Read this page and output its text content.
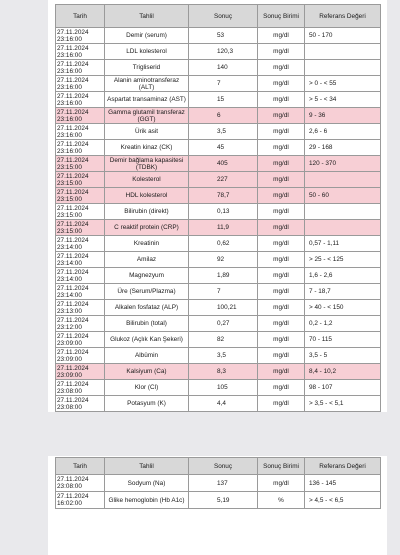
Tarih	Tahlil	Sonuç	Sonuç Birimi	Referans Değeri
27.11.2024 23:16:00	Demir (serum)	53	mg/dl	50 - 170
27.11.2024 23:16:00	LDL kolesterol	120,3	mg/dl	
27.11.2024 23:16:00	Trigliserid	140	mg/dl	
27.11.2024 23:16:00	Alanin aminotransferaz (ALT)	7	mg/dl	> 0 - < 55
27.11.2024 23:16:00	Aspartat transaminaz (AST)	15	mg/dl	> 5 - < 34
27.11.2024 23:16:00	Gamma glutamil transferaz (GGT)	6	mg/dl	9 - 36
27.11.2024 23:16:00	Ürik asit	3,5	mg/dl	2,6 - 6
27.11.2024 23:16:00	Kreatin kinaz (CK)	45	mg/dl	29 - 168
27.11.2024 23:15:00	Demir bağlama kapasitesi (TDBK)	405	mg/dl	120 - 370
27.11.2024 23:15:00	Kolesterol	227	mg/dl	
27.11.2024 23:15:00	HDL kolesterol	78,7	mg/dl	50 - 60
27.11.2024 23:15:00	Bilirubin (direkt)	0,13	mg/dl	
27.11.2024 23:15:00	C reaktif protein (CRP)	11,9	mg/dl	
27.11.2024 23:14:00	Kreatinin	0,62	mg/dl	0,57 - 1,11
27.11.2024 23:14:00	Amilaz	92	mg/dl	> 25 - < 125
27.11.2024 23:14:00	Magnezyum	1,89	mg/dl	1,6 - 2,6
27.11.2024 23:14:00	Üre (Serum/Plazma)	7	mg/dl	7 - 18,7
27.11.2024 23:13:00	Alkalen fosfataz (ALP)	100,21	mg/dl	> 40 - < 150
27.11.2024 23:12:00	Bilirubin (total)	0,27	mg/dl	0,2 - 1,2
27.11.2024 23:09:00	Glukoz (Açlık Kan Şekeri)	82	mg/dl	70 - 115
27.11.2024 23:09:00	Albümin	3,5	mg/dl	3,5 - 5
27.11.2024 23:09:00	Kalsiyum (Ca)	8,3	mg/dl	8,4 - 10,2
27.11.2024 23:08:00	Klor (Cl)	105	mg/dl	98 - 107
27.11.2024 23:08:00	Potasyum (K)	4,4	mg/dl	> 3,5 - < 5,1
Tarih	Tahlil	Sonuç	Sonuç Birimi	Referans Değeri
27.11.2024 23:08:00	Sodyum (Na)	137	mg/dl	136 - 145
27.11.2024 16:02:00	Glike hemoglobin (Hb A1c)	5,19	%	> 4,5 - < 6,5
